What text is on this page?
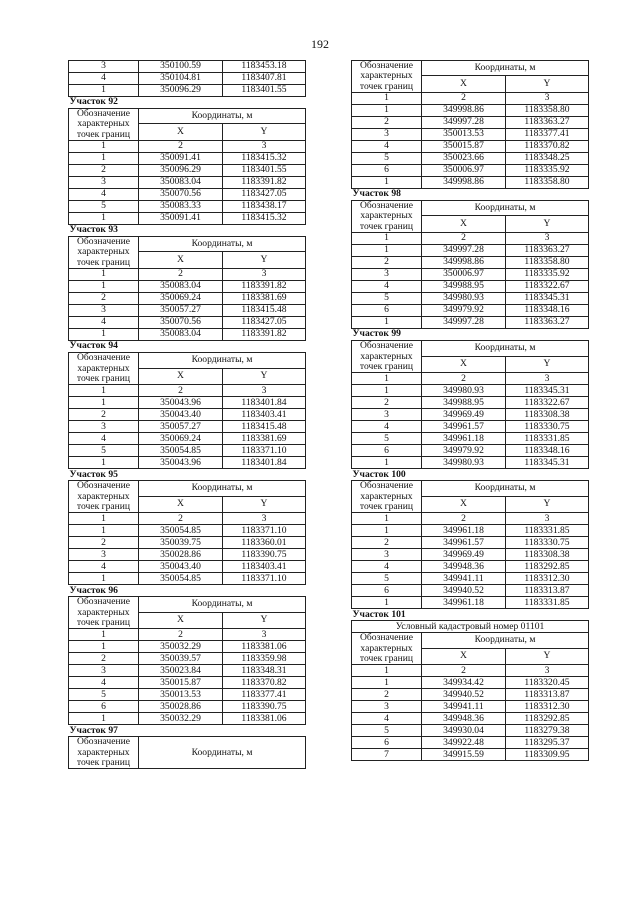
192
3	350100.59	1183453.18
4	350104.81	1183407.81
1	350096.29	1183401.55
Участок 92		
Обозначение характерных точек границ	Координаты, м	
	X	Y
1	2	3
1	350091.41	1183415.32
2	350096.29	1183401.55
3	350083.04	1183391.82
4	350070.56	1183427.05
5	350083.33	1183438.17
1	350091.41	1183415.32
Участок 93		
Обозначение характерных точек границ	Координаты, м	
	X	Y
1	2	3
1	350083.04	1183391.82
2	350069.24	1183381.69
3	350057.27	1183415.48
4	350070.56	1183427.05
1	350083.04	1183391.82
Участок 94		
Обозначение характерных точек границ	Координаты, м	
	X	Y
1	2	3
1	350043.96	1183401.84
2	350043.40	1183403.41
3	350057.27	1183415.48
4	350069.24	1183381.69
5	350054.85	1183371.10
1	350043.96	1183401.84
Участок 95		
Обозначение характерных точек границ	Координаты, м	
	X	Y
1	2	3
1	350054.85	1183371.10
2	350039.75	1183360.01
3	350028.86	1183390.75
4	350043.40	1183403.41
1	350054.85	1183371.10
Участок 96		
Обозначение характерных точек границ	Координаты, м	
	X	Y
1	2	3
1	350032.29	1183381.06
2	350039.57	1183359.98
3	350023.84	1183348.31
4	350015.87	1183370.82
5	350013.53	1183377.41
6	350028.86	1183390.75
1	350032.29	1183381.06
Участок 97		
Обозначение характерных точек границ	Координаты, м	
Обозначение характерных точек границ	Координаты, м	
	X	Y
1	2	3
1	349998.86	1183358.80
2	349997.28	1183363.27
3	350013.53	1183377.41
4	350015.87	1183370.82
5	350023.66	1183348.25
6	350006.97	1183335.92
1	349998.86	1183358.80
Участок 98		
Обозначение характерных точек границ	Координаты, м	
	X	Y
1	2	3
1	349997.28	1183363.27
2	349998.86	1183358.80
3	350006.97	1183335.92
4	349988.95	1183322.67
5	349980.93	1183345.31
6	349979.92	1183348.16
1	349997.28	1183363.27
Участок 99		
Обозначение характерных точек границ	Координаты, м	
	X	Y
1	2	3
1	349980.93	1183345.31
2	349988.95	1183322.67
3	349969.49	1183308.38
4	349961.57	1183330.75
5	349961.18	1183331.85
6	349979.92	1183348.16
1	349980.93	1183345.31
Участок 100		
Обозначение характерных точек границ	Координаты, м	
	X	Y
1	2	3
1	349961.18	1183331.85
2	349961.57	1183330.75
3	349969.49	1183308.38
4	349948.36	1183292.85
5	349941.11	1183312.30
6	349940.52	1183313.87
1	349961.18	1183331.85
Участок 101		
Условный кадастровый номер 01101		
Обозначение характерных точек границ	Координаты, м	
	X	Y
1	2	3
1	349934.42	1183320.45
2	349940.52	1183313.87
3	349941.11	1183312.30
4	349948.36	1183292.85
5	349930.04	1183279.38
6	349922.48	1183295.37
7	349915.59	1183309.95
